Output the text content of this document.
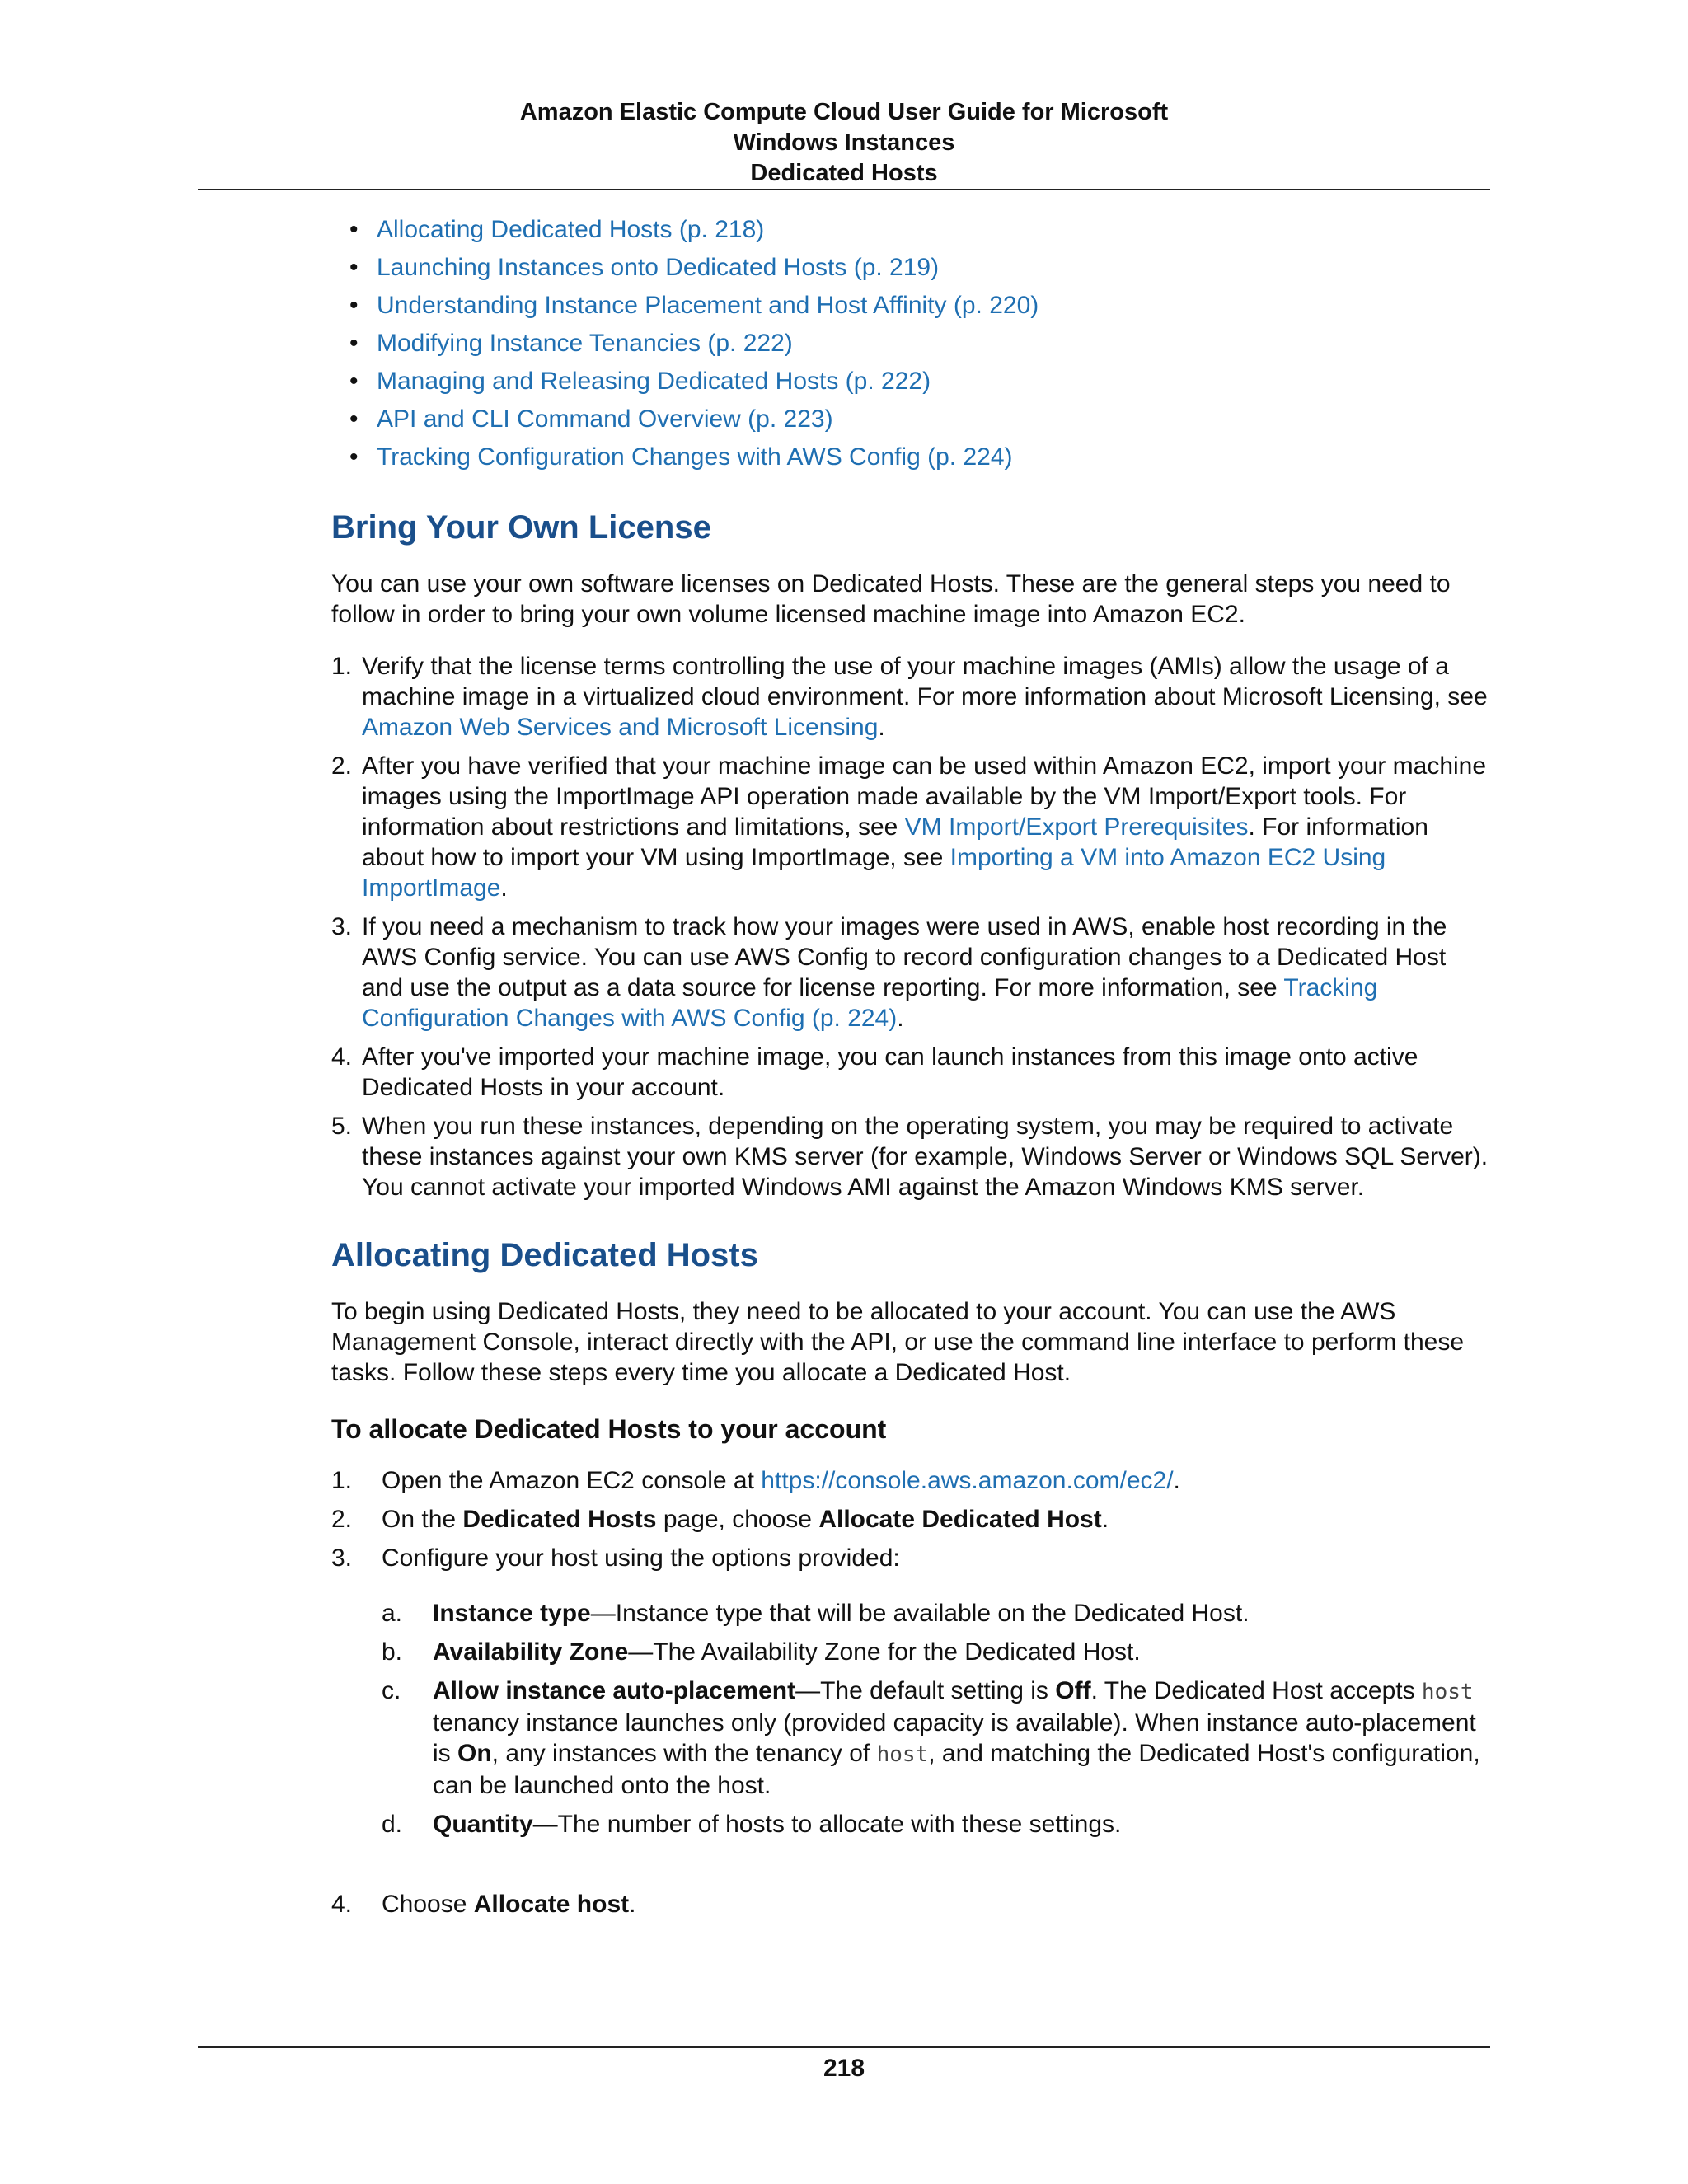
Amazon Elastic Compute Cloud User Guide for Microsoft
Windows Instances
Dedicated Hosts
• Allocating Dedicated Hosts (p. 218)
• Launching Instances onto Dedicated Hosts (p. 219)
• Understanding Instance Placement and Host Affinity (p. 220)
• Modifying Instance Tenancies (p. 222)
• Managing and Releasing Dedicated Hosts (p. 222)
• API and CLI Command Overview (p. 223)
• Tracking Configuration Changes with AWS Config (p. 224)
Bring Your Own License

You can use your own software licenses on Dedicated Hosts. These are the general steps you need to follow in order to bring your own volume licensed machine image into Amazon EC2.

1. Verify that the license terms controlling the use of your machine images (AMIs) allow the usage of a machine image in a virtualized cloud environment. For more information about Microsoft Licensing, see Amazon Web Services and Microsoft Licensing.
2. After you have verified that your machine image can be used within Amazon EC2, import your machine images using the ImportImage API operation made available by the VM Import/Export tools. For information about restrictions and limitations, see VM Import/Export Prerequisites. For information about how to import your VM using ImportImage, see Importing a VM into Amazon EC2 Using ImportImage.
3. If you need a mechanism to track how your images were used in AWS, enable host recording in the AWS Config service. You can use AWS Config to record configuration changes to a Dedicated Host and use the output as a data source for license reporting. For more information, see Tracking Configuration Changes with AWS Config (p. 224).
4. After you've imported your machine image, you can launch instances from this image onto active Dedicated Hosts in your account.
5. When you run these instances, depending on the operating system, you may be required to activate these instances against your own KMS server (for example, Windows Server or Windows SQL Server). You cannot activate your imported Windows AMI against the Amazon Windows KMS server.
Allocating Dedicated Hosts

To begin using Dedicated Hosts, they need to be allocated to your account. You can use the AWS Management Console, interact directly with the API, or use the command line interface to perform these tasks. Follow these steps every time you allocate a Dedicated Host.

To allocate Dedicated Hosts to your account
1. Open the Amazon EC2 console at https://console.aws.amazon.com/ec2/.
2. On the Dedicated Hosts page, choose Allocate Dedicated Host.
3. Configure your host using the options provided:
a. Instance type—Instance type that will be available on the Dedicated Host.
b. Availability Zone—The Availability Zone for the Dedicated Host.
c. Allow instance auto-placement—The default setting is Off. The Dedicated Host accepts host tenancy instance launches only (provided capacity is available). When instance auto-placement is On, any instances with the tenancy of host, and matching the Dedicated Host's configuration, can be launched onto the host.
d. Quantity—The number of hosts to allocate with these settings.
4. Choose Allocate host.
218
